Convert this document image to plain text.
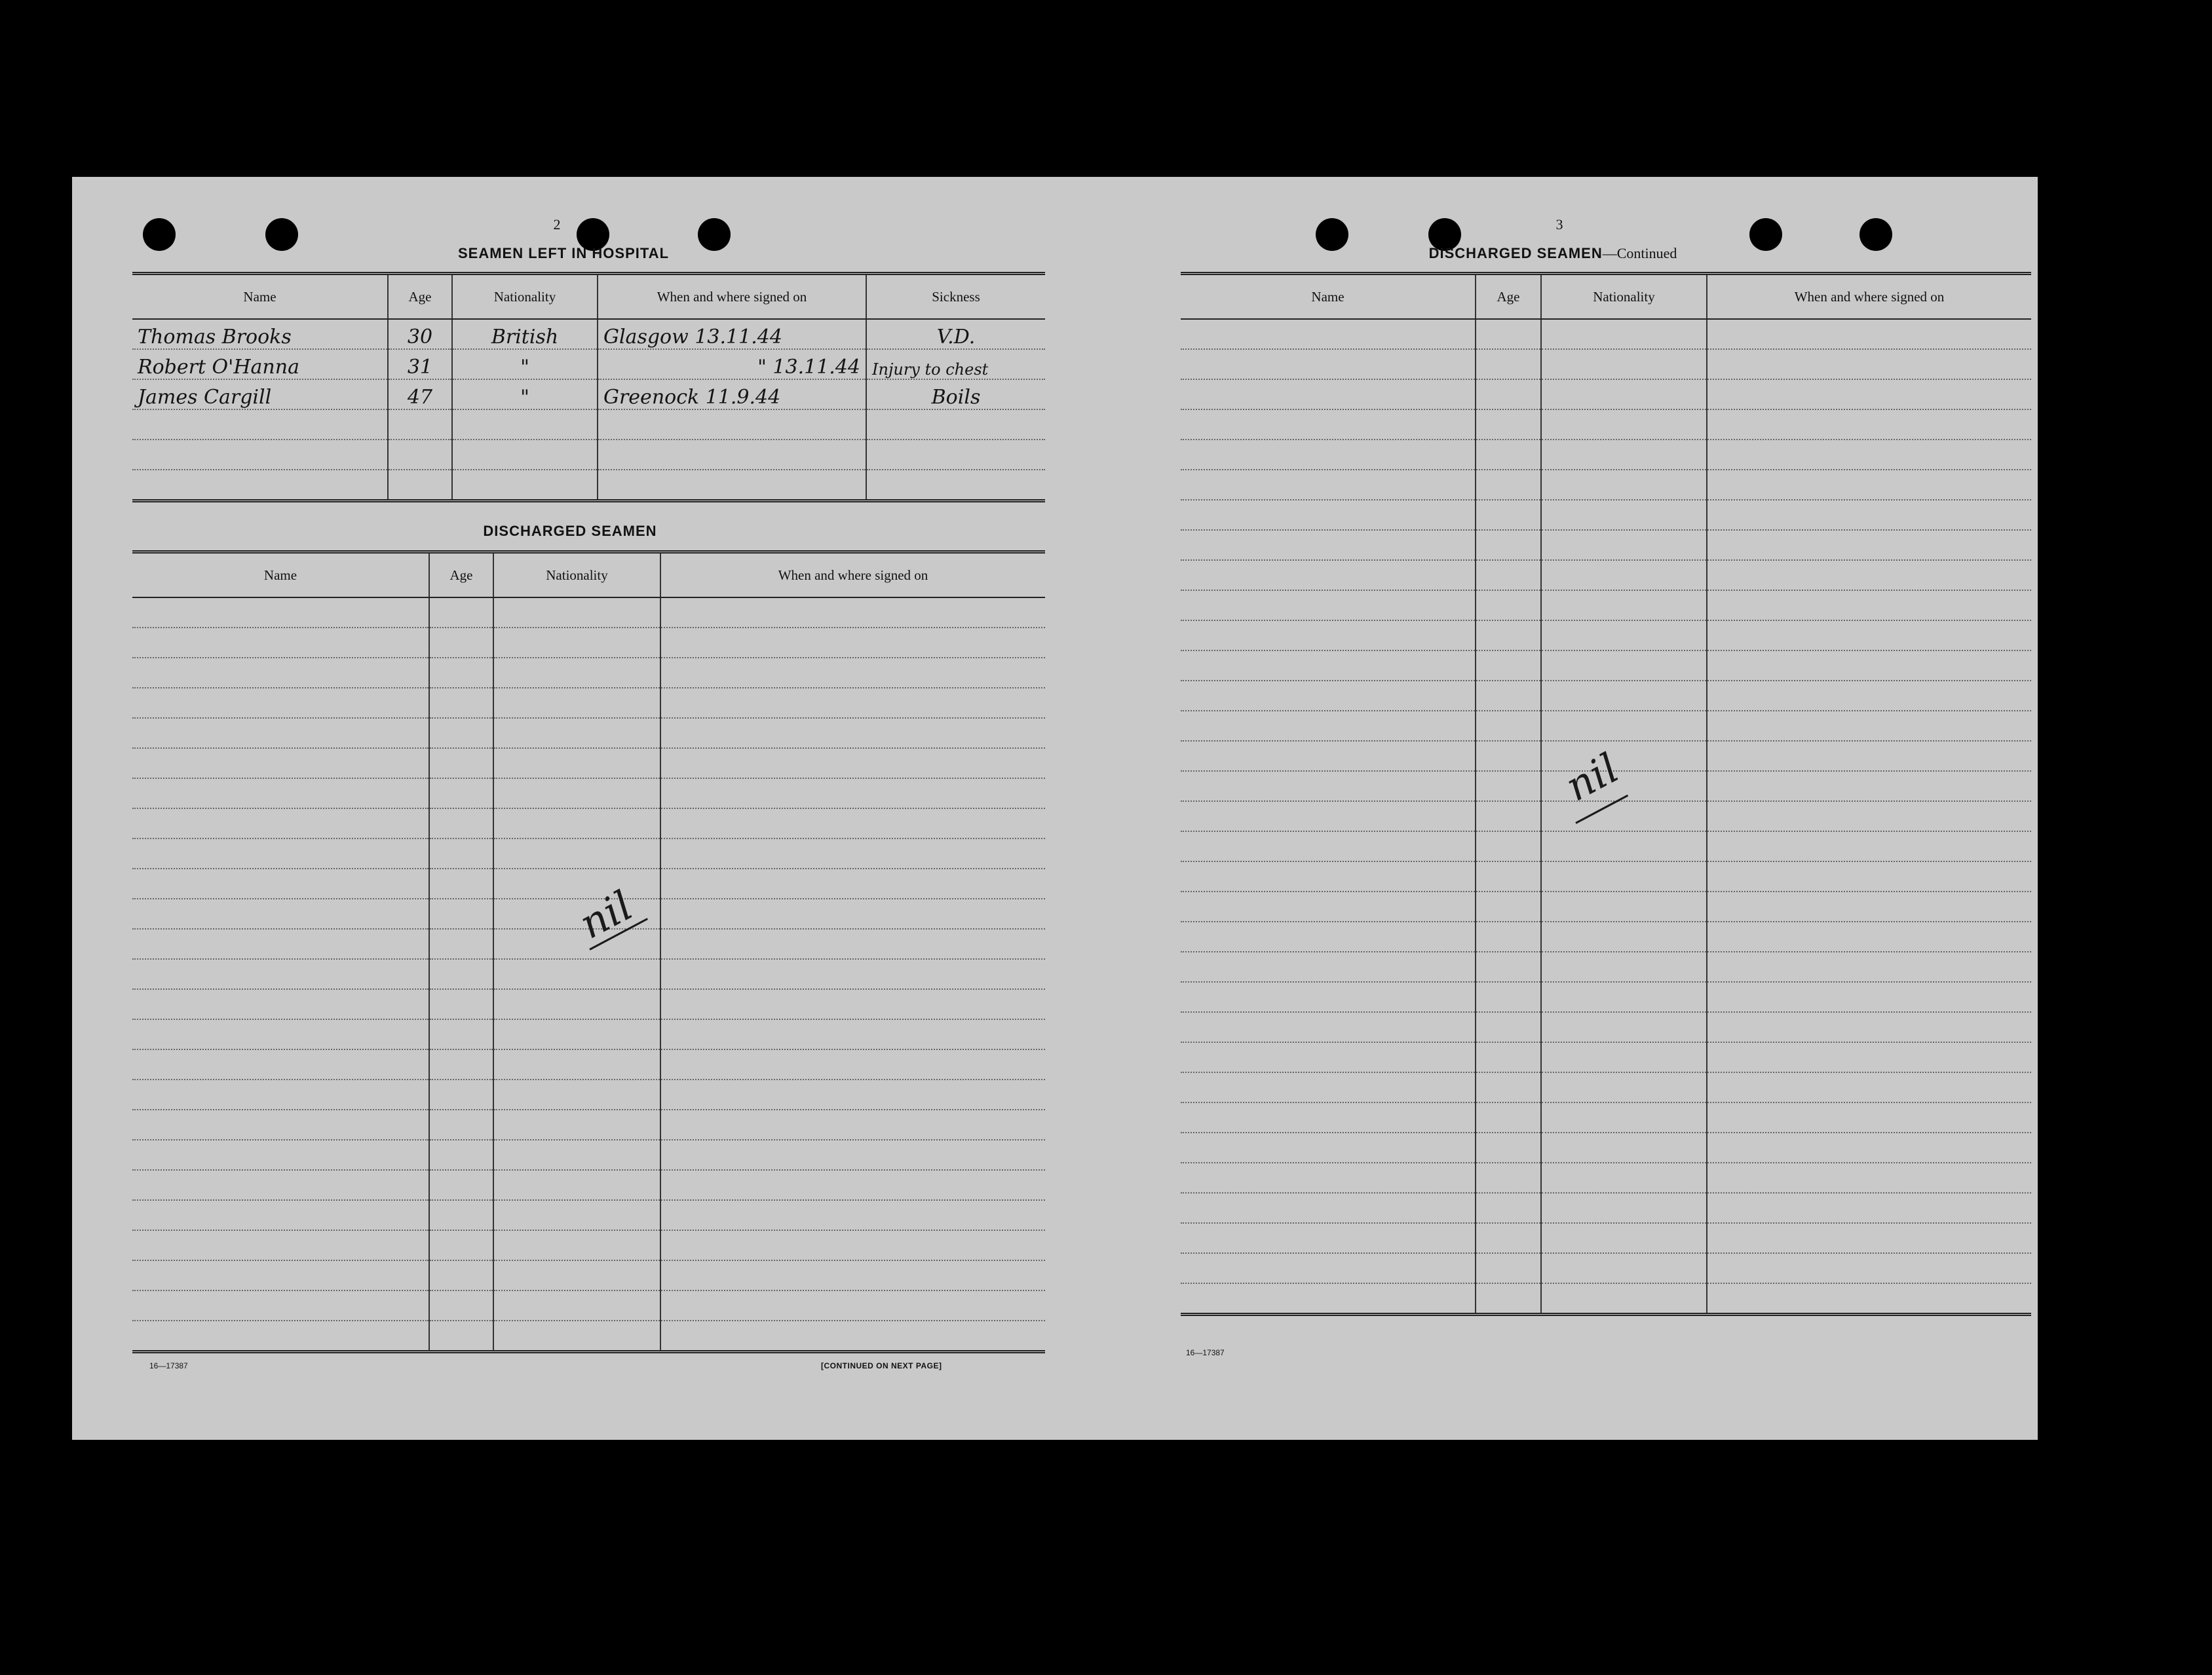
2
SEAMEN LEFT IN HOSPITAL
Name	Age	Nationality	When and where signed on	Sickness
Thomas Brooks	30	British	Glasgow 13.11.44	V.D.
Robert O'Hanna	31	"	" 13.11.44	Injury to chest
James Cargill	47	"	Greenock 11.9.44	Boils

DISCHARGED SEAMEN
Name	Age	Nationality	When and where signed on

nil
16—17387	[CONTINUED ON NEXT PAGE]
3
DISCHARGED SEAMEN—Continued
Name	Age	Nationality	When and where signed on

nil
16—17387
